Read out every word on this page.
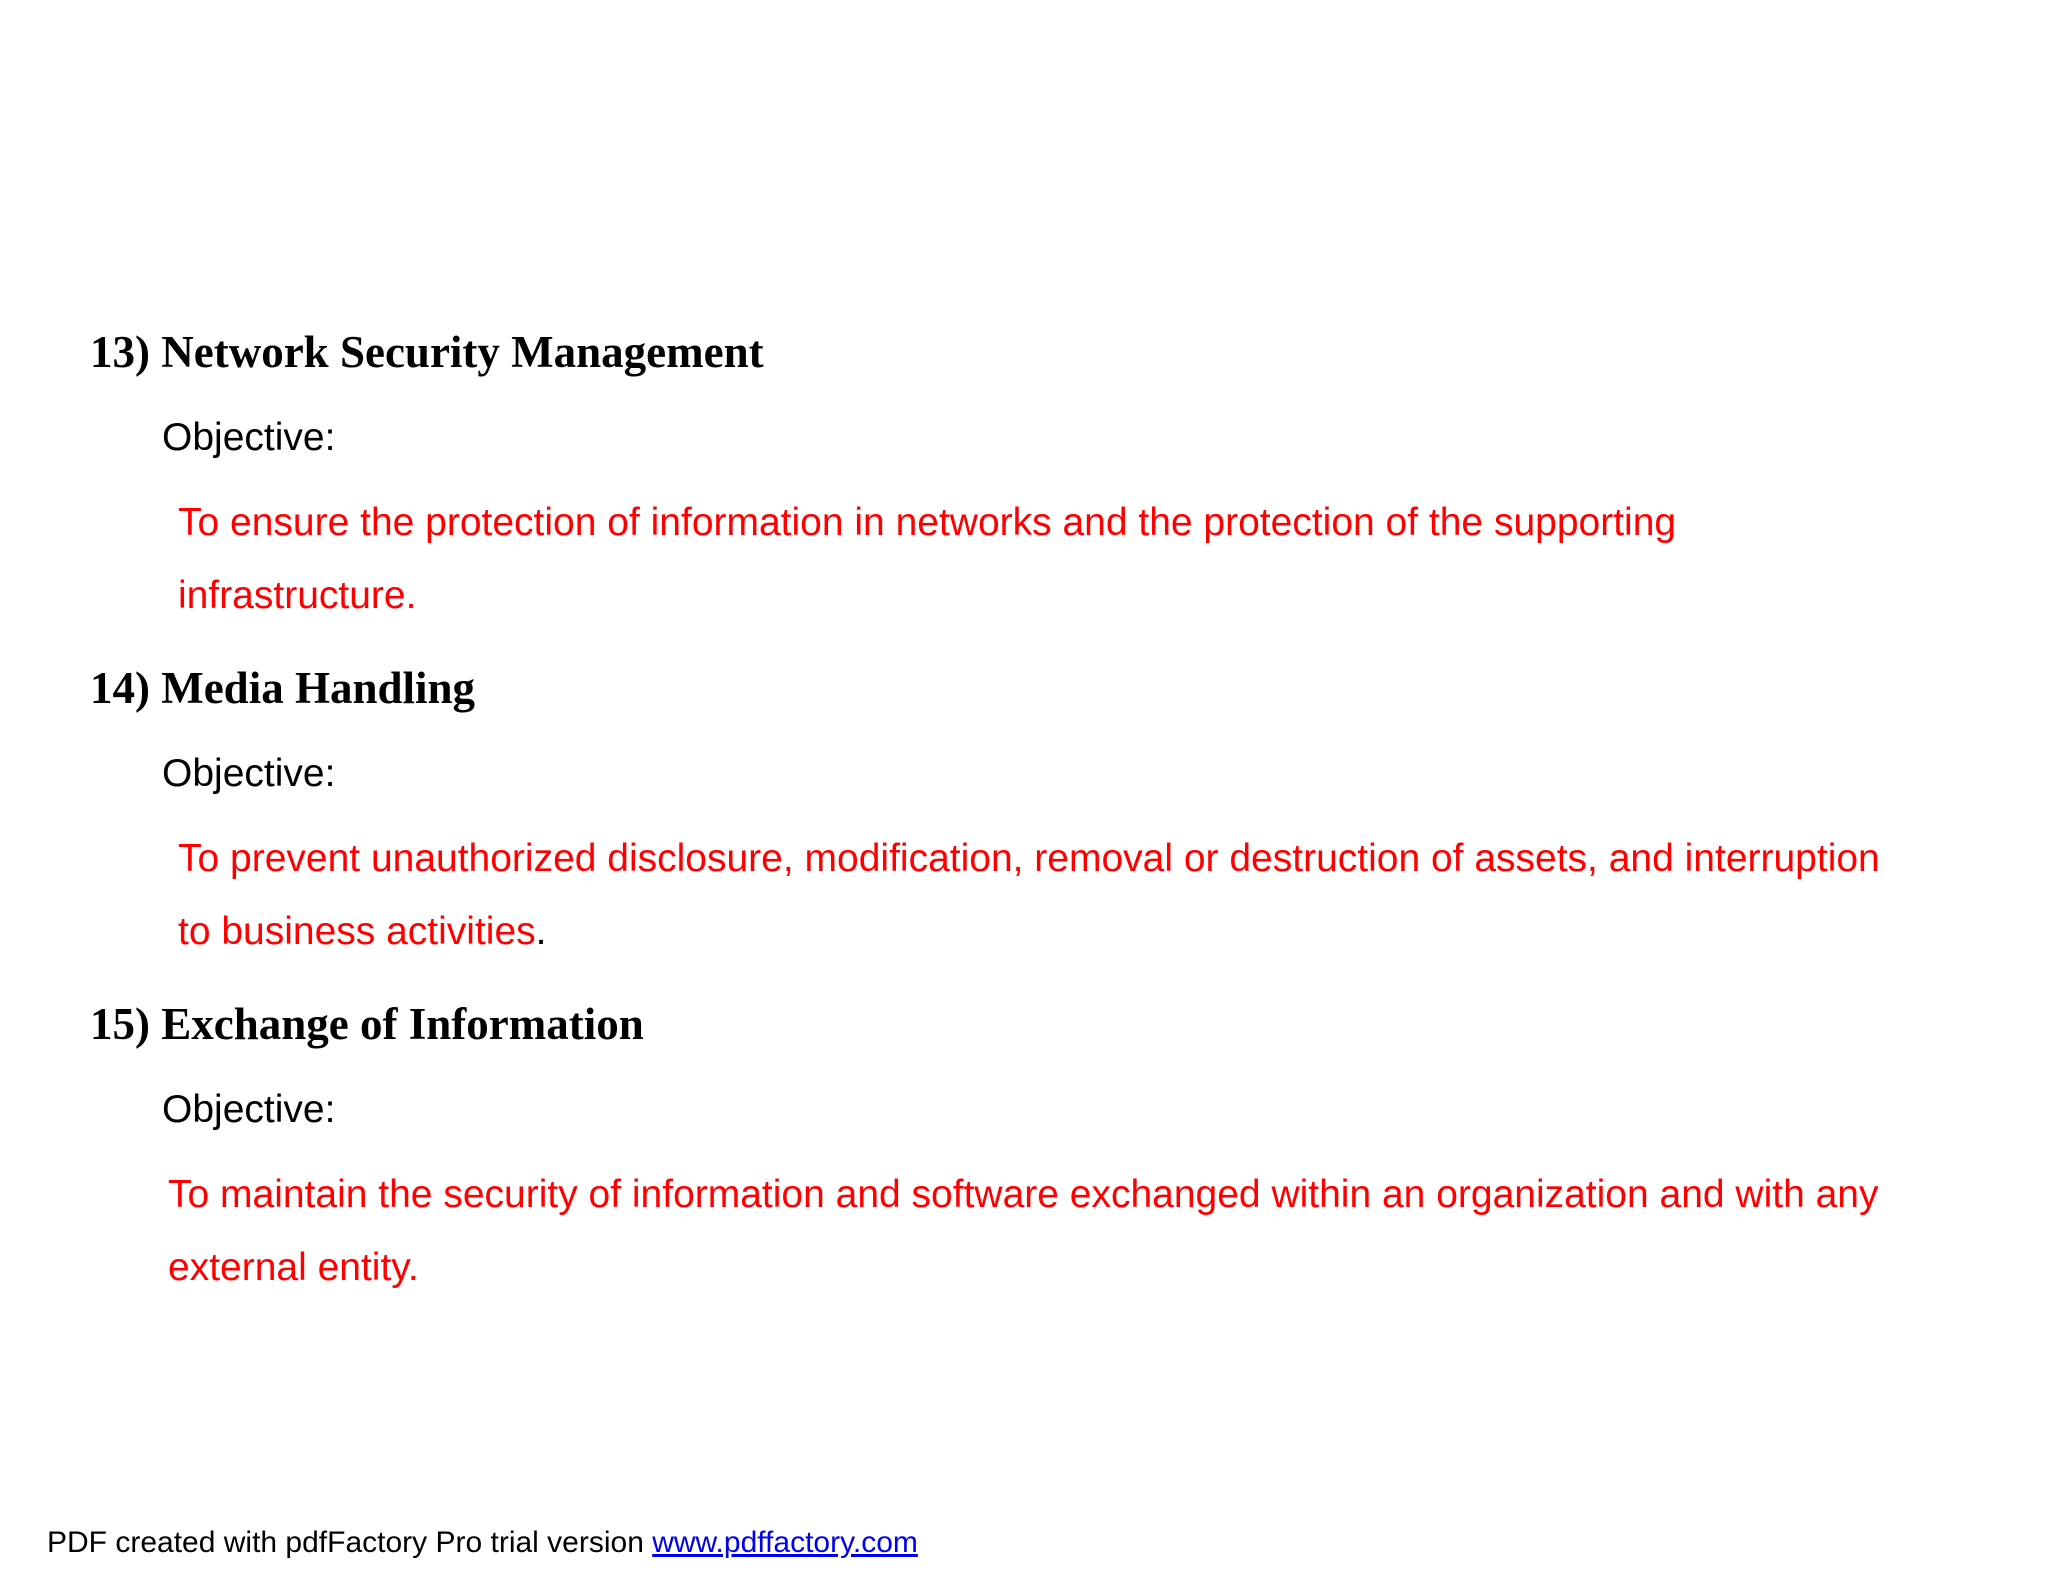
13) Network Security Management
Objective:
To ensure the protection of information in networks and the protection of the supporting
infrastructure.
14) Media Handling
Objective:
To prevent unauthorized disclosure, modification, removal or destruction of assets, and interruption
to business activities.
15) Exchange of Information
Objective:
To maintain the security of information and software exchanged within an organization and with any
external entity.
PDF created with pdfFactory Pro trial version www.pdffactory.com
